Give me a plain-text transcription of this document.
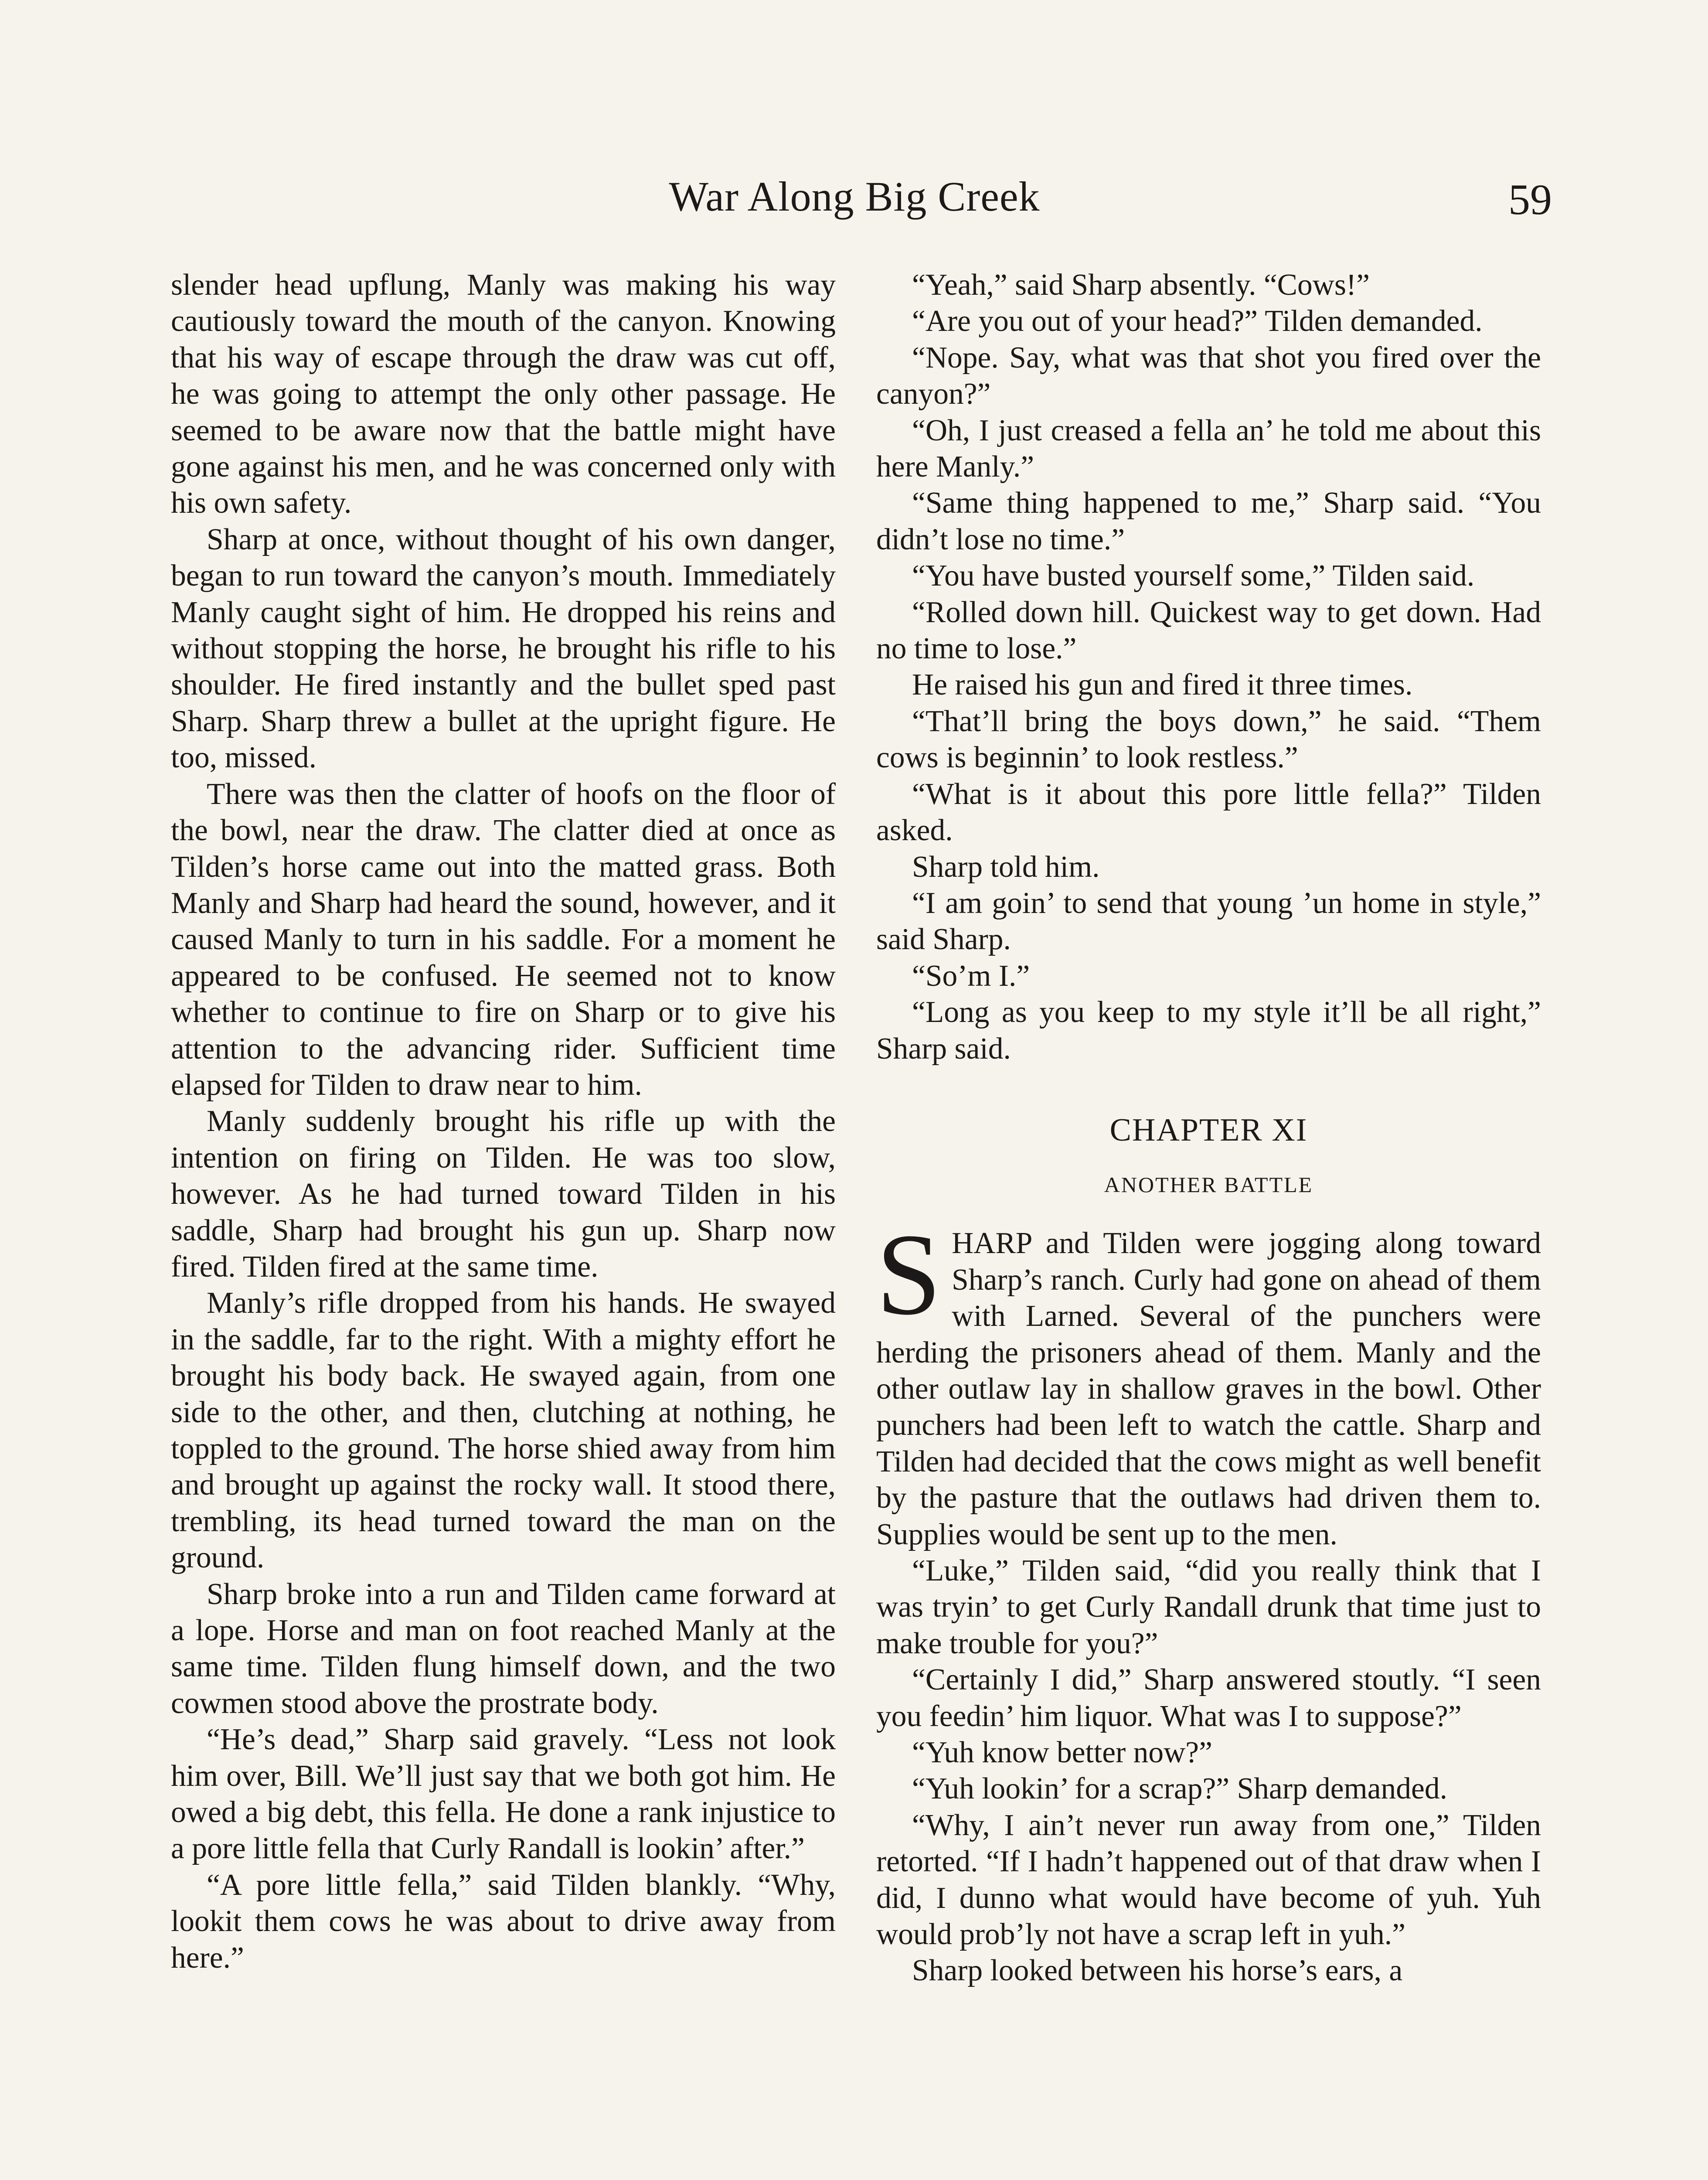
War Along Big Creek	59

slender head upflung, Manly was making his way cautiously toward the mouth of the canyon. Knowing that his way of escape through the draw was cut off, he was going to attempt the only other passage. He seemed to be aware now that the battle might have gone against his men, and he was concerned only with his own safety.

Sharp at once, without thought of his own danger, began to run toward the canyon’s mouth. Immediately Manly caught sight of him. He dropped his reins and without stopping the horse, he brought his rifle to his shoulder. He fired instantly and the bullet sped past Sharp. Sharp threw a bullet at the upright figure. He too, missed.

There was then the clatter of hoofs on the floor of the bowl, near the draw. The clatter died at once as Tilden’s horse came out into the matted grass. Both Manly and Sharp had heard the sound, however, and it caused Manly to turn in his saddle. For a moment he appeared to be confused. He seemed not to know whether to continue to fire on Sharp or to give his attention to the advancing rider. Sufficient time elapsed for Tilden to draw near to him.

Manly suddenly brought his rifle up with the intention on firing on Tilden. He was too slow, however. As he had turned toward Tilden in his saddle, Sharp had brought his gun up. Sharp now fired. Tilden fired at the same time.

Manly’s rifle dropped from his hands. He swayed in the saddle, far to the right. With a mighty effort he brought his body back. He swayed again, from one side to the other, and then, clutching at nothing, he toppled to the ground. The horse shied away from him and brought up against the rocky wall. It stood there, trembling, its head turned toward the man on the ground.

Sharp broke into a run and Tilden came forward at a lope. Horse and man on foot reached Manly at the same time. Tilden flung himself down, and the two cowmen stood above the prostrate body.

“He’s dead,” Sharp said gravely. “Less not look him over, Bill. We’ll just say that we both got him. He owed a big debt, this fella. He done a rank injustice to a pore little fella that Curly Randall is lookin’ after.”

“A pore little fella,” said Tilden blankly. “Why, lookit them cows he was about to drive away from here.”

“Yeah,” said Sharp absently. “Cows!”

“Are you out of your head?” Tilden demanded.

“Nope. Say, what was that shot you fired over the canyon?”

“Oh, I just creased a fella an’ he told me about this here Manly.”

“Same thing happened to me,” Sharp said. “You didn’t lose no time.”

“You have busted yourself some,” Tilden said.

“Rolled down hill. Quickest way to get down. Had no time to lose.”

He raised his gun and fired it three times.

“That’ll bring the boys down,” he said. “Them cows is beginnin’ to look restless.”

“What is it about this pore little fella?” Tilden asked.

Sharp told him.

“I am goin’ to send that young ’un home in style,” said Sharp.

“So’m I.”

“Long as you keep to my style it’ll be all right,” Sharp said.

CHAPTER XI
ANOTHER BATTLE

SHARP and Tilden were jogging along toward Sharp’s ranch. Curly had gone on ahead of them with Larned. Several of the punchers were herding the prisoners ahead of them. Manly and the other outlaw lay in shallow graves in the bowl. Other punchers had been left to watch the cattle. Sharp and Tilden had decided that the cows might as well benefit by the pasture that the outlaws had driven them to. Supplies would be sent up to the men.

“Luke,” Tilden said, “did you really think that I was tryin’ to get Curly Randall drunk that time just to make trouble for you?”

“Certainly I did,” Sharp answered stoutly. “I seen you feedin’ him liquor. What was I to suppose?”

“Yuh know better now?”

“Yuh lookin’ for a scrap?” Sharp demanded.

“Why, I ain’t never run away from one,” Tilden retorted. “If I hadn’t happened out of that draw when I did, I dunno what would have become of yuh. Yuh would prob’ly not have a scrap left in yuh.”

Sharp looked between his horse’s ears, a
